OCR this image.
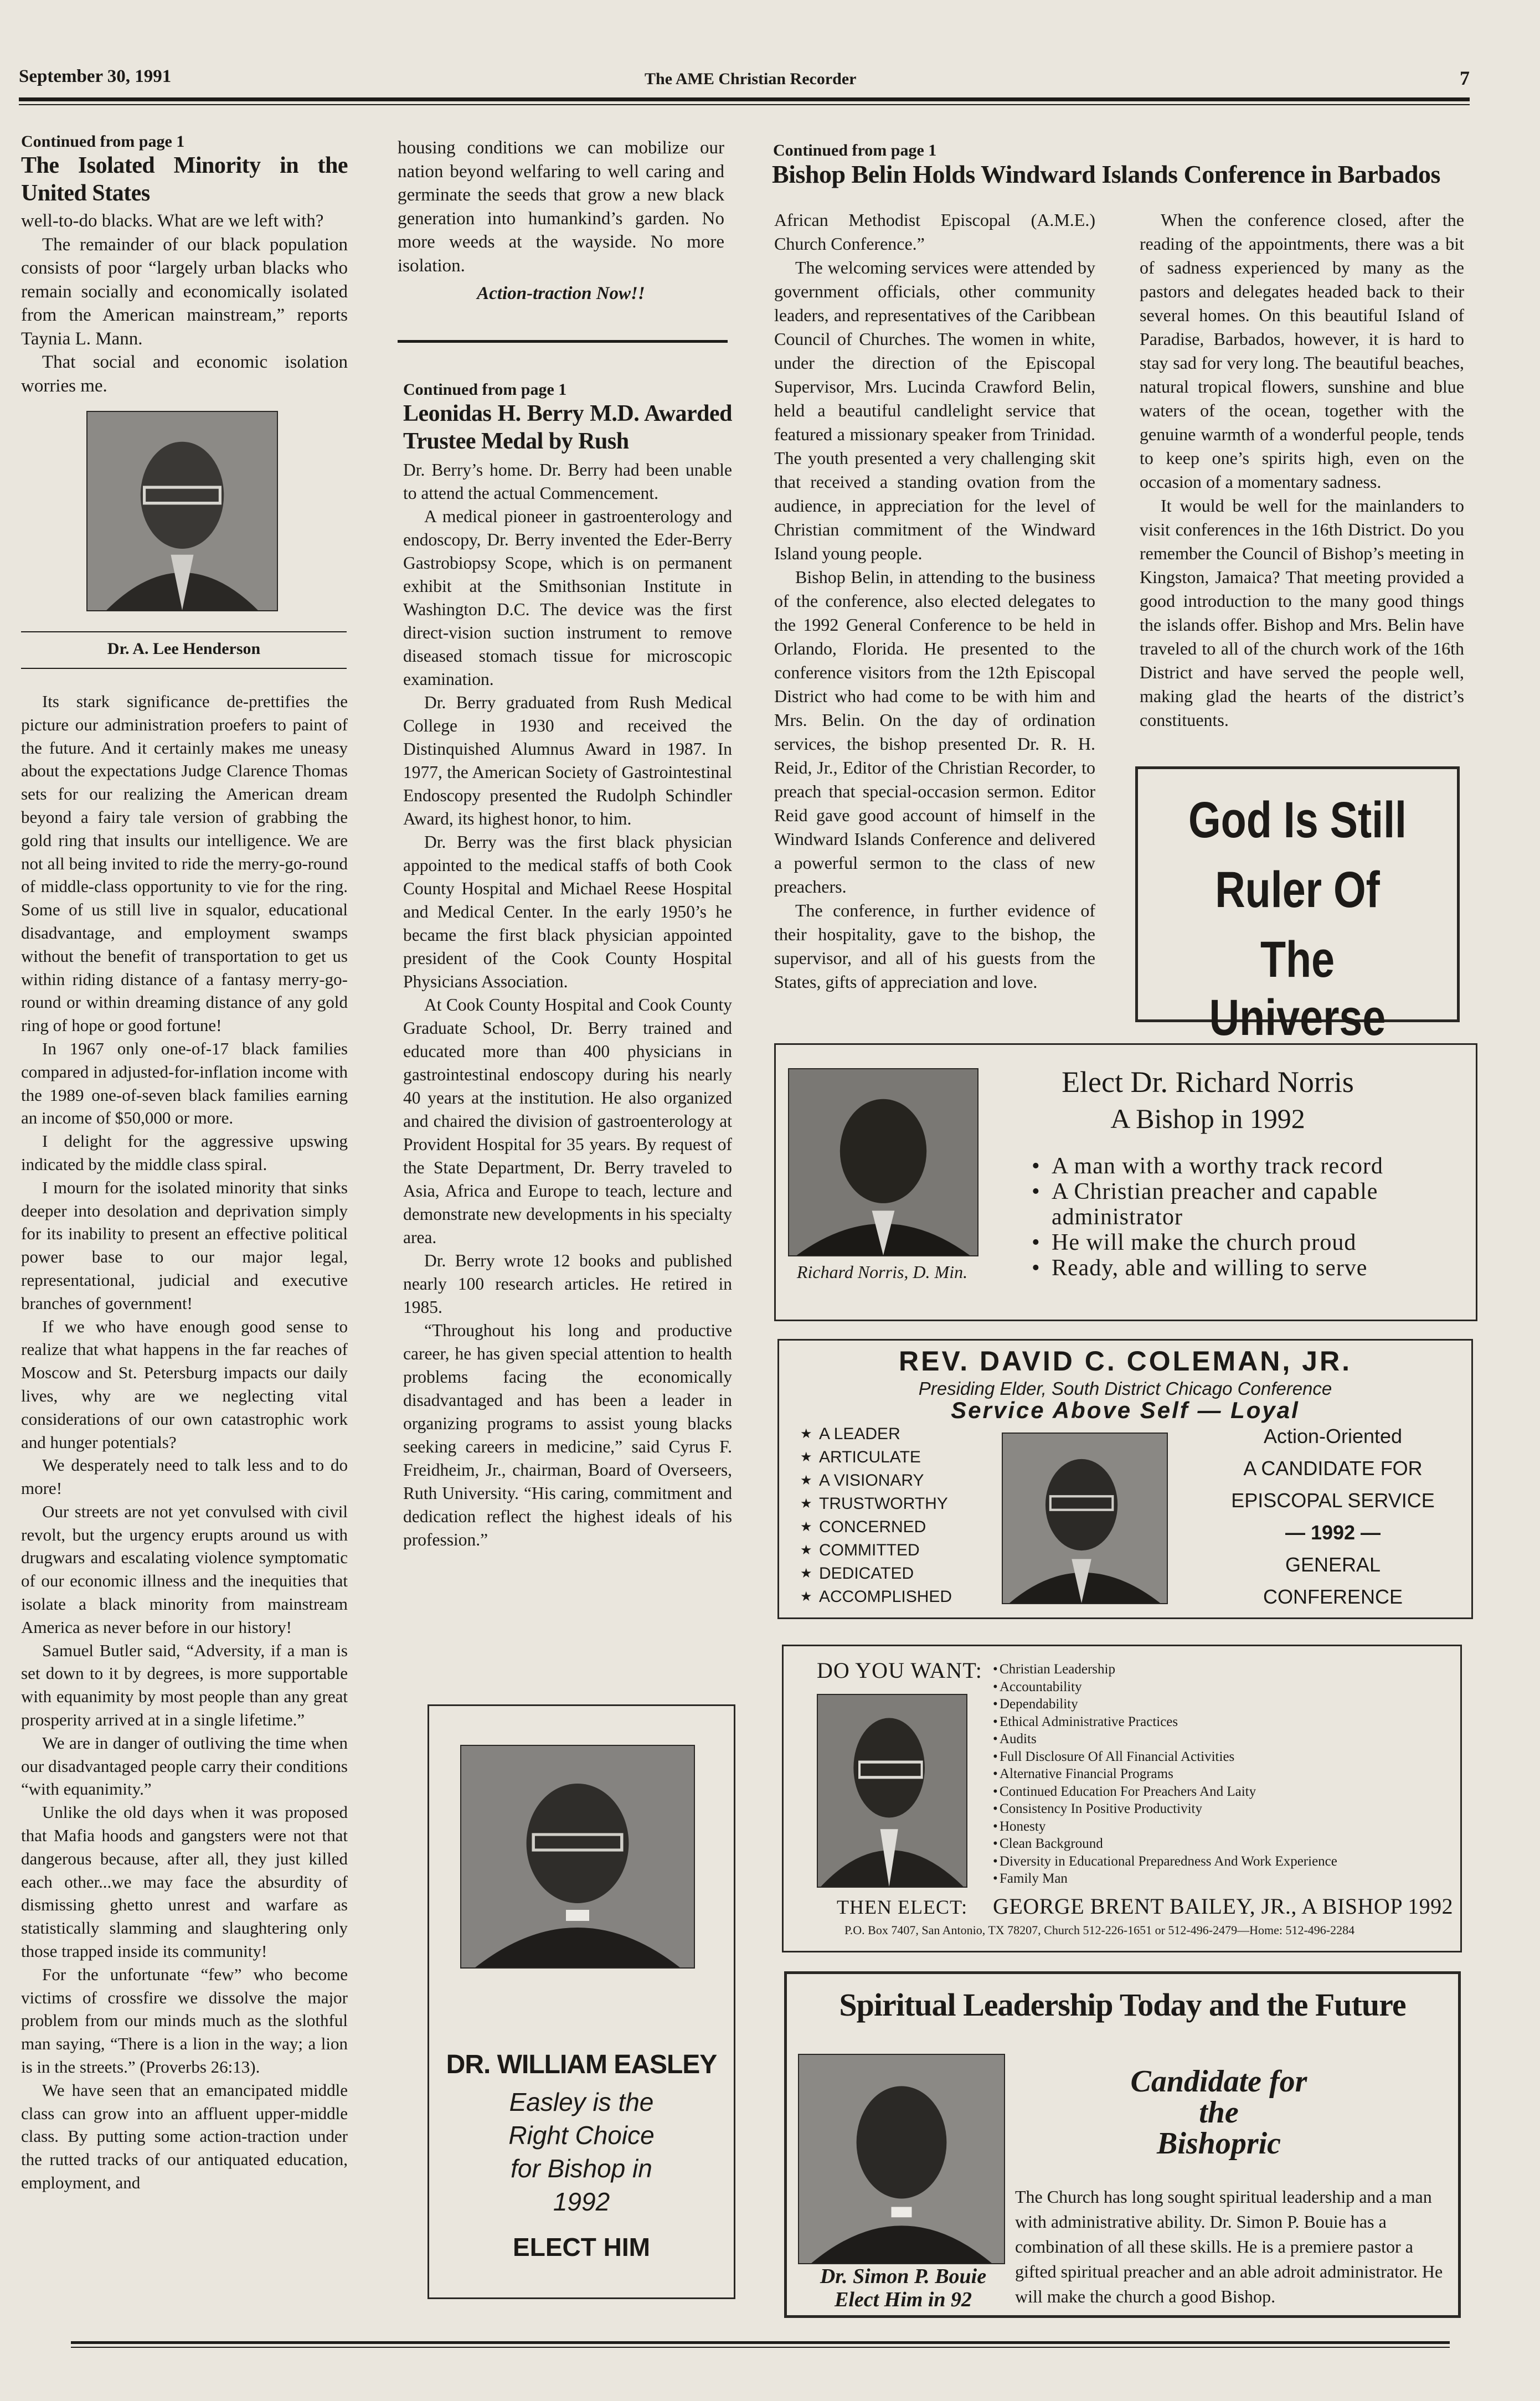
September 30, 1991	The AME Christian Recorder	7
Continued from page 1
The Isolated Minority in the United States

well-to-do blacks. What are we left with?

The remainder of our black population consists of poor “largely urban blacks who remain socially and economically isolated from the American mainstream,” reports Taynia L. Mann.

That social and economic isolation worries me.

Dr. A. Lee Henderson

Its stark significance de-prettifies the picture our administration proefers to paint of the future. And it certainly makes me uneasy about the expectations Judge Clarence Thomas sets for our realizing the American dream beyond a fairy tale version of grabbing the gold ring that insults our intelligence. We are not all being invited to ride the merry-go-round of middle-class opportunity to vie for the ring. Some of us still live in squalor, educational disadvantage, and employment swamps without the benefit of transportation to get us within riding distance of a fantasy merry-go-round or within dreaming distance of any gold ring of hope or good fortune!

In 1967 only one-of-17 black families compared in adjusted-for-inflation income with the 1989 one-of-seven black families earning an income of $50,000 or more.

I delight for the aggressive upswing indicated by the middle class spiral.

I mourn for the isolated minority that sinks deeper into desolation and deprivation simply for its inability to present an effective political power base to our major legal, representational, judicial and executive branches of government!

If we who have enough good sense to realize that what happens in the far reaches of Moscow and St. Petersburg impacts our daily lives, why are we neglecting vital considerations of our own catastrophic work and hunger potentials?

We desperately need to talk less and to do more!

Our streets are not yet convulsed with civil revolt, but the urgency erupts around us with drugwars and escalating violence symptomatic of our economic illness and the inequities that isolate a black minority from mainstream America as never before in our history!

Samuel Butler said, “Adversity, if a man is set down to it by degrees, is more supportable with equanimity by most people than any great prosperity arrived at in a single lifetime.”

We are in danger of outliving the time when our disadvantaged people carry their conditions “with equanimity.”

Unlike the old days when it was proposed that Mafia hoods and gangsters were not that dangerous because, after all, they just killed each other...we may face the absurdity of dismissing ghetto unrest and warfare as statistically slamming and slaughtering only those trapped inside its community!

For the unfortunate “few” who become victims of crossfire we dissolve the major problem from our minds much as the slothful man saying, “There is a lion in the way; a lion is in the streets.” (Proverbs 26:13).

We have seen that an emancipated middle class can grow into an affluent upper-middle class. By putting some action-traction under the rutted tracks of our antiquated education, employment, and

housing conditions we can mobilize our nation beyond welfaring to well caring and germinate the seeds that grow a new black generation into humankind’s garden. No more weeds at the wayside. No more isolation.

Action-traction Now!!
Continued from page 1
Leonidas H. Berry M.D. Awarded Trustee Medal by Rush

Dr. Berry’s home. Dr. Berry had been unable to attend the actual Commencement.

A medical pioneer in gastroenterology and endoscopy, Dr. Berry invented the Eder-Berry Gastrobiopsy Scope, which is on permanent exhibit at the Smithsonian Institute in Washington D.C. The device was the first direct-vision suction instrument to remove diseased stomach tissue for microscopic examination.

Dr. Berry graduated from Rush Medical College in 1930 and received the Distinquished Alumnus Award in 1987. In 1977, the American Society of Gastrointestinal Endoscopy presented the Rudolph Schindler Award, its highest honor, to him.

Dr. Berry was the first black physician appointed to the medical staffs of both Cook County Hospital and Michael Reese Hospital and Medical Center. In the early 1950’s he became the first black physician appointed president of the Cook County Hospital Physicians Association.

At Cook County Hospital and Cook County Graduate School, Dr. Berry trained and educated more than 400 physicians in gastrointestinal endoscopy during his nearly 40 years at the institution. He also organized and chaired the division of gastroenterology at Provident Hospital for 35 years. By request of the State Department, Dr. Berry traveled to Asia, Africa and Europe to teach, lecture and demonstrate new developments in his specialty area.

Dr. Berry wrote 12 books and published nearly 100 research articles. He retired in 1985.

“Throughout his long and productive career, he has given special attention to health problems facing the economically disadvantaged and has been a leader in organizing programs to assist young blacks seeking careers in medicine,” said Cyrus F. Freidheim, Jr., chairman, Board of Overseers, Ruth University. “His caring, commitment and dedication reflect the highest ideals of his profession.”

DR. WILLIAM EASLEY
Easley is the
Right Choice
for Bishop in
1992
ELECT HIM
Continued from page 1
Bishop Belin Holds Windward Islands Conference in Barbados

African Methodist Episcopal (A.M.E.) Church Conference.”

The welcoming services were attended by government officials, other community leaders, and representatives of the Caribbean Council of Churches. The women in white, under the direction of the Episcopal Supervisor, Mrs. Lucinda Crawford Belin, held a beautiful candlelight service that featured a missionary speaker from Trinidad. The youth presented a very challenging skit that received a standing ovation from the audience, in appreciation for the level of Christian commitment of the Windward Island young people.

Bishop Belin, in attending to the business of the conference, also elected delegates to the 1992 General Conference to be held in Orlando, Florida. He presented to the conference visitors from the 12th Episcopal District who had come to be with him and Mrs. Belin. On the day of ordination services, the bishop presented Dr. R. H. Reid, Jr., Editor of the Christian Recorder, to preach that special-occasion sermon. Editor Reid gave good account of himself in the Windward Islands Conference and delivered a powerful sermon to the class of new preachers.

The conference, in further evidence of their hospitality, gave to the bishop, the supervisor, and all of his guests from the States, gifts of appreciation and love.

When the conference closed, after the reading of the appointments, there was a bit of sadness experienced by many as the pastors and delegates headed back to their several homes. On this beautiful Island of Paradise, Barbados, however, it is hard to stay sad for very long. The beautiful beaches, natural tropical flowers, sunshine and blue waters of the ocean, together with the genuine warmth of a wonderful people, tends to keep one’s spirits high, even on the occasion of a momentary sadness.

It would be well for the mainlanders to visit conferences in the 16th District. Do you remember the Council of Bishop’s meeting in Kingston, Jamaica? That meeting provided a good introduction to the many good things the islands offer. Bishop and Mrs. Belin have traveled to all of the church work of the 16th District and have served the people well, making glad the hearts of the district’s constituents.

God Is Still
Ruler Of
The Universe
Richard Norris, D. Min.
Elect Dr. Richard Norris
A Bishop in 1992
• A man with a worthy track record
• A Christian preacher and capable administrator
• He will make the church proud
• Ready, able and willing to serve
REV. DAVID C. COLEMAN, JR.
Presiding Elder, South District Chicago Conference
Service Above Self — Loyal
★ A LEADER
★ ARTICULATE
★ A VISIONARY
★ TRUSTWORTHY
★ CONCERNED
★ COMMITTED
★ DEDICATED
★ ACCOMPLISHED
Action-Oriented
A CANDIDATE FOR
EPISCOPAL SERVICE
— 1992 —
GENERAL
CONFERENCE
DO YOU WANT:
•	Christian Leadership
• Accountability
• Dependability
• Ethical Administrative Practices
• Audits
• Full Disclosure Of All Financial Activities
• Alternative Financial Programs
• Continued Education For Preachers And Laity
• Consistency In Positive Productivity
• Honesty
• Clean Background
• Diversity in Educational Preparedness And Work Experience
• Family Man
THEN ELECT: GEORGE BRENT BAILEY, JR., A BISHOP 1992
P.O. Box 7407, San Antonio, TX 78207, Church 512-226-1651 or 512-496-2479—Home: 512-496-2284
Spiritual Leadership Today and the Future
Dr. Simon P. Bouie
Elect Him in 92
Candidate for
the
Bishopric
The Church has long sought spiritual leadership and a man with administrative ability. Dr. Simon P. Bouie has a combination of all these skills. He is a premiere pastor a gifted spiritual preacher and an able adroit administrator. He will make the church a good Bishop.
